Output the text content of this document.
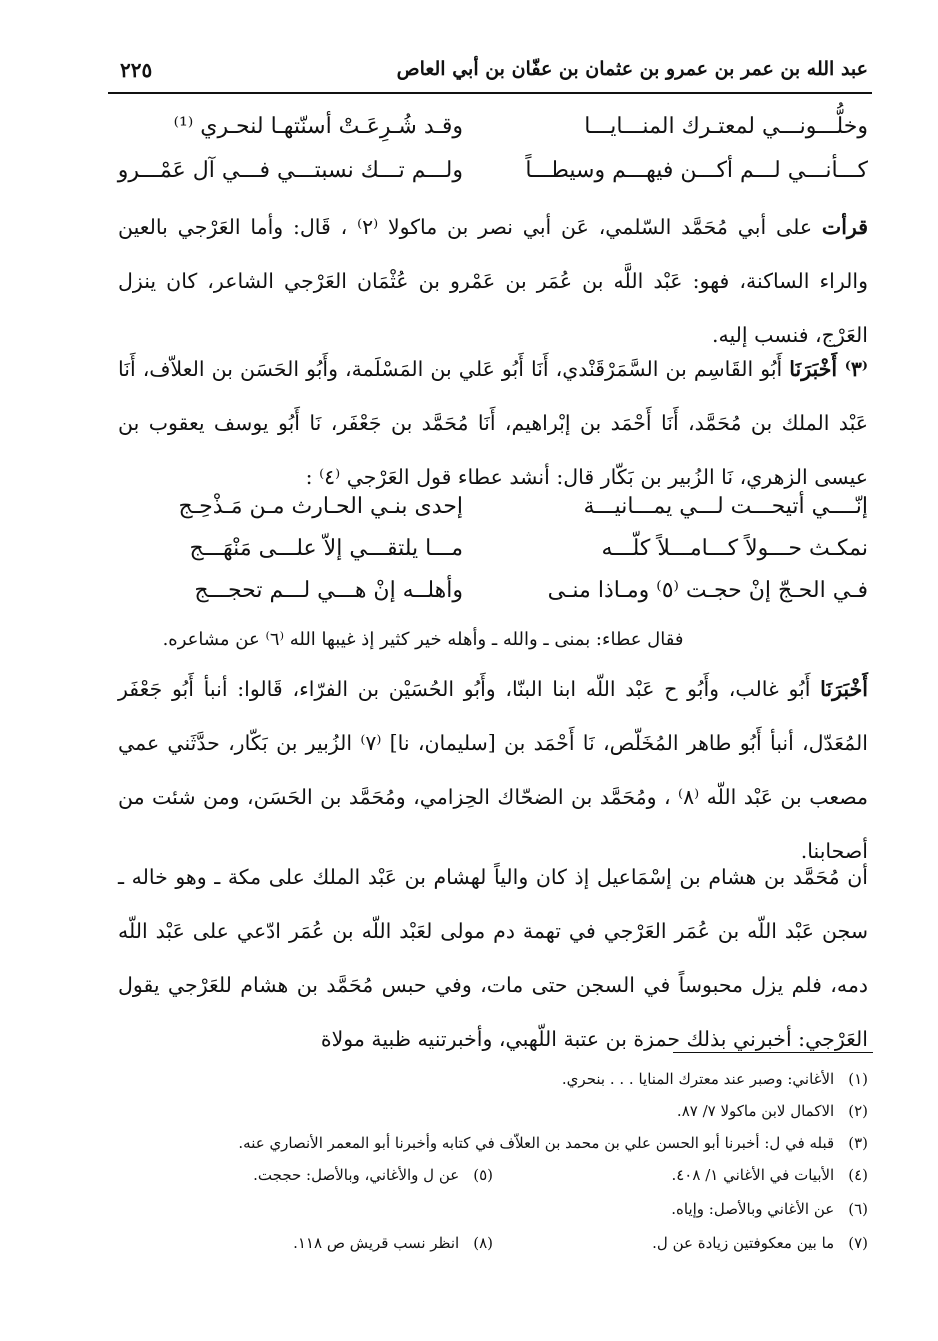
عبد الله بن عمر بن عمرو بن عثمان بن عفّان بن أبي العاص
٢٢٥
وخلُّـــونـــي لمعتـرك المنـــايـــا
وقـد شُـرِعَـتْ أسنّتهـا لنحـري ⁽¹⁾
كـــأنـــي لـــم أكـــن فيهـــم وسيطـــاً
ولـــم تـــك نسبتـــي فـــي آل عَمْـــرو
قرأت على أبي مُحَمَّد السّلمي، عَن أبي نصر بن ماكولا ⁽٢⁾ ، قَال: وأما العَرْجي بالعين والراء الساكنة، فهو: عَبْد اللَّه بن عُمَر بن عَمْرو بن عُثْمَان العَرْجي الشاعر، كان ينزل العَرْج، فنسب إليه.
⁽٣⁾ أَخْبَرَنَا أَبُو القَاسِم بن السَّمَرْقَنْدي، أَنَا أَبُو عَلي بن المَسْلَمة، وأَبُو الحَسَن بن العلاّف، أَنَا عَبْد الملك بن مُحَمَّد، أَنَا أَحْمَد بن إبْراهيم، أَنَا مُحَمَّد بن جَعْفَر، نَا أَبُو يوسف يعقوب بن عيسى الزهري، نَا الزُبير بن بَكّار قال: أنشد عطاء قول العَرْجي ⁽٤⁾ :
إنّــــي أتيحـــت لـــي يمـــانيـــة
إحدى بنـي الحـارث مـن مَـذْحِـج
نمكـث حـــولاً كـــامـــلاً كلّـــه
مـــا يلتقـــي إلاّ علـــى مَنْهَـــج
فـي الحـجّ إنْ حجـت ⁽٥⁾ ومـاذا منـى
وأهلــه إنْ هـــي لـــم تحجـــج
فقال عطاء: بمنى ـ والله ـ وأهله خير كثير إذ غيبها الله ⁽٦⁾ عن مشاعره.
أَخْبَرَنَا أَبُو غالب، وأَبُو ح عَبْد اللّه ابنا البنّا، وأَبُو الحُسَيْن بن الفرّاء، قَالوا: أنبأ أَبُو جَعْفَر المُعَدّل، أنبأ أَبُو طاهر المُخَلّص، نَا أَحْمَد بن [سليمان، نا] ⁽٧⁾ الزُبير بن بَكّار، حدَّثَني عمي مصعب بن عَبْد اللّه ⁽٨⁾ ، ومُحَمَّد بن الضحّاك الحِزامي، ومُحَمَّد بن الحَسَن، ومن شئت من أصحابنا.
أن مُحَمَّد بن هشام بن إسْمَاعيل إذ كان والياً لهشام بن عَبْد الملك على مكة ـ وهو خاله ـ سجن عَبْد اللّه بن عُمَر العَرْجي في تهمة دم مولى لعَبْد اللّه بن عُمَر ادّعي على عَبْد اللّه دمه، فلم يزل محبوساً في السجن حتى مات، وفي حبس مُحَمَّد بن هشام للعَرْجي يقول العَرْجي: أخبرني بذلك حمزة بن عتبة اللّهبي، وأخبرتنيه ظبية مولاة
(١)الأغاني: وصبر عند معترك المنايا . . . بنحري.
(٢)الاكمال لابن ماكولا ٧/ ٨٧.
(٣)قبله في ل: أخبرنا أبو الحسن علي بن محمد بن العلاّف في كتابه وأخبرنا أبو المعمر الأنصاري عنه.
(٤)الأبيات في الأغاني ١/ ٤٠٨.
(٥)عن ل والأغاني، وبالأصل: حججت.
(٦)عن الأغاني وبالأصل: وإياه.
(٧)ما بين معكوفتين زيادة عن ل.
(٨)انظر نسب قريش ص ١١٨.
